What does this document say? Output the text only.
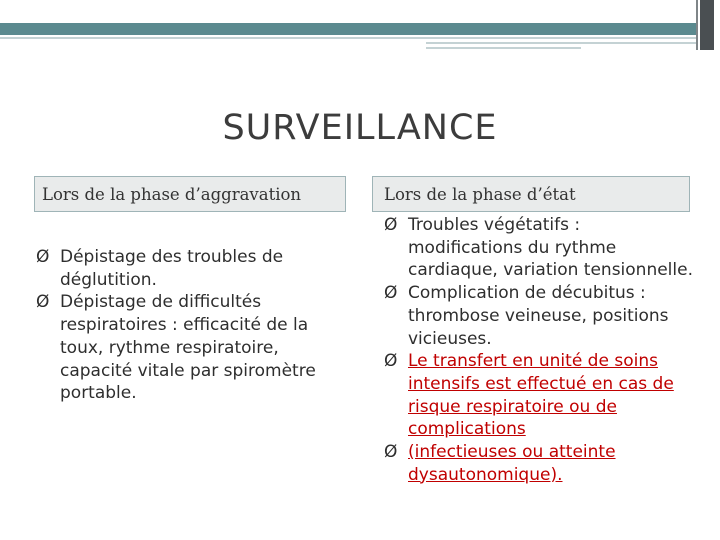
SURVEILLANCE
Lors de la phase d’aggravation	Lors de la phase d’état
Ø Dépistage des troubles de déglutition.
Ø Dépistage de difficultés respiratoires : efficacité de la toux, rythme respiratoire, capacité vitale par spiromètre portable.
Ø Troubles végétatifs : modifications du rythme cardiaque, variation tensionnelle.
Ø Complication de décubitus : thrombose veineuse, positions vicieuses.
Ø Le transfert en unité de soins intensifs est effectué en cas de risque respiratoire ou de complications
Ø (infectieuses ou atteinte dysautonomique).
